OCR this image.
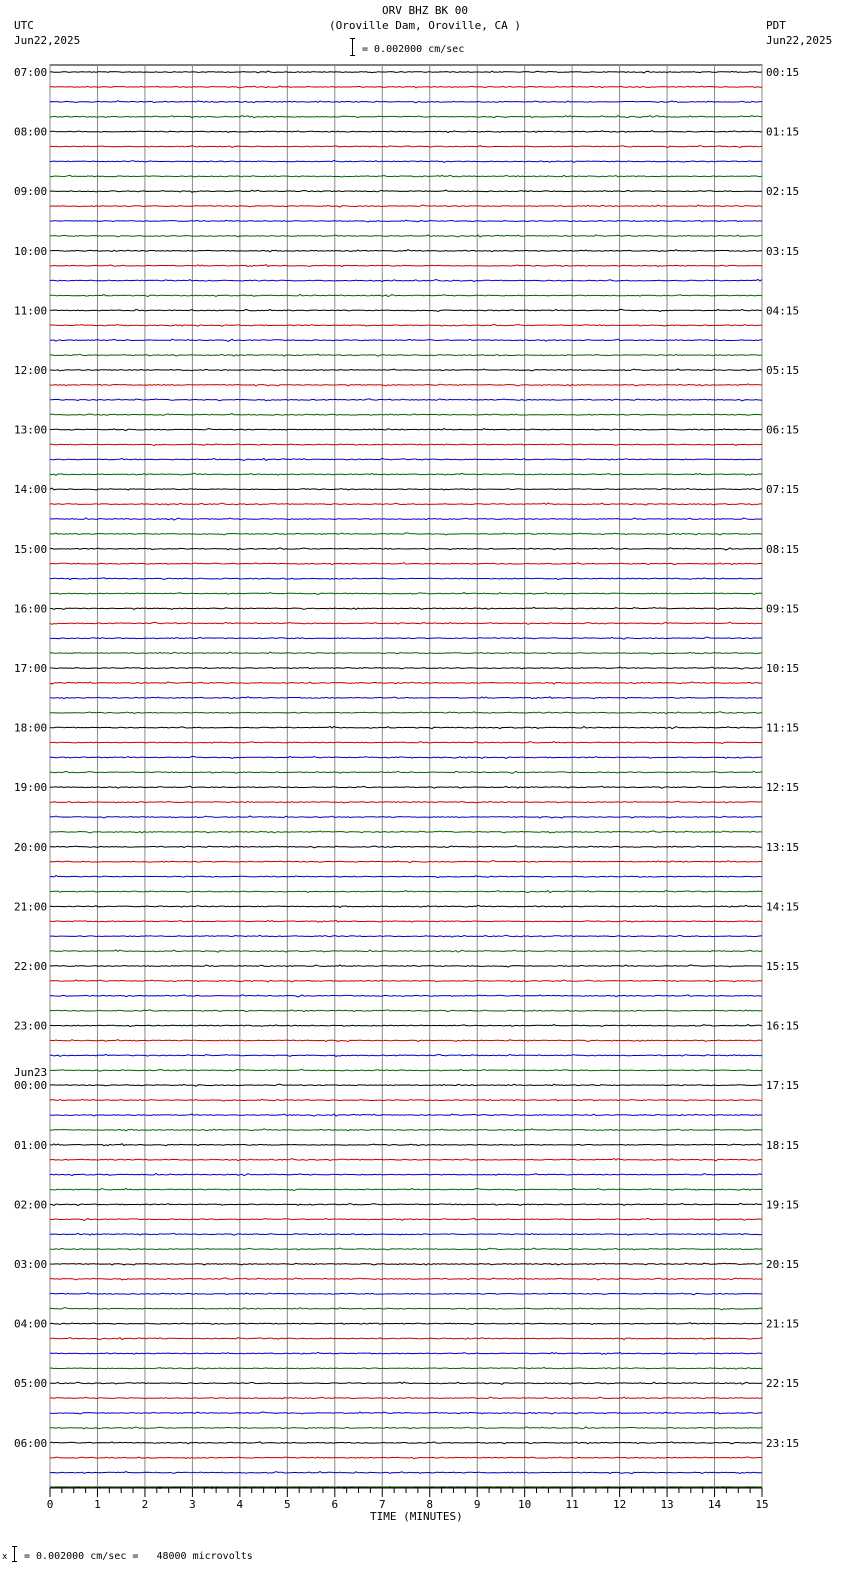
ORV BHZ BK 00
(Oroville Dam, Oroville, CA )
UTC
Jun22,2025
PDT
Jun22,2025
= 0.002000 cm/sec
07:00	00:15
08:00	01:15
09:00	02:15
10:00	03:15
11:00	04:15
12:00	05:15
13:00	06:15
14:00	07:15
15:00	08:15
16:00	09:15
17:00	10:15
18:00	11:15
19:00	12:15
20:00	13:15
21:00	14:15
22:00	15:15
23:00	16:15
00:00	17:15
01:00	18:15
02:00	19:15
03:00	20:15
04:00	21:15
05:00	22:15
06:00	23:15
Jun23
0	1	2	3	4	5	6	7	8	9	10	11	12	13	14	15
TIME (MINUTES)
x = 0.002000 cm/sec =   48000 microvolts
